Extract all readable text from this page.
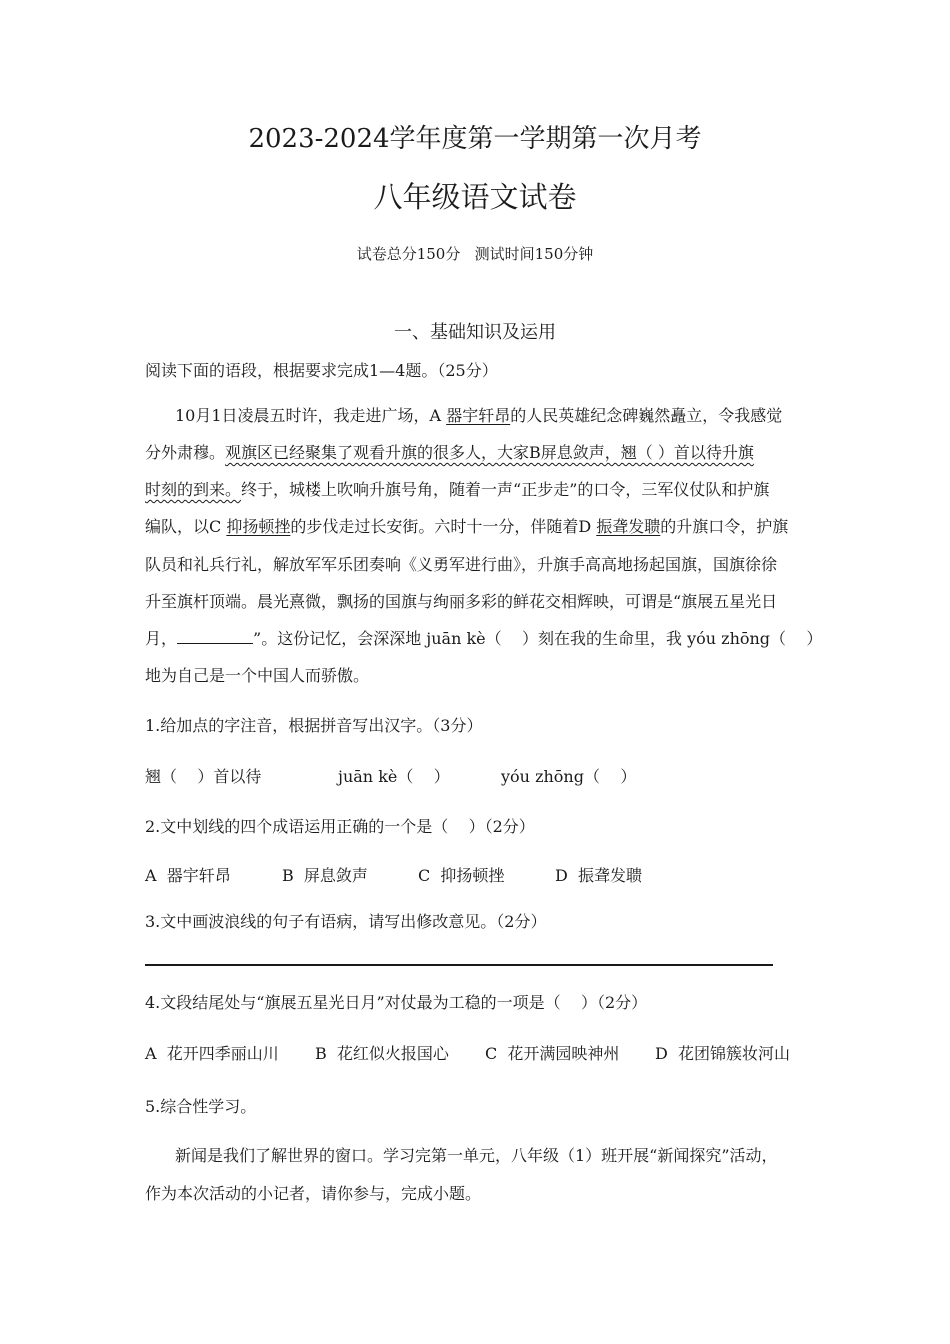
2023-2024学年度第一学期第一次月考
八年级语文试卷
试卷总分150分   测试时间150分钟
一、基础知识及运用
阅读下面的语段，根据要求完成1—4题。（25分）
10月1日凌晨五时许，我走进广场，A 器宇轩昂的人民英雄纪念碑巍然矗立，令我感觉
分外肃穆。观旗区已经聚集了观看升旗的很多人，大家B屏息敛声，翘（ ）首以待升旗
时刻的到来。终于，城楼上吹响升旗号角，随着一声“正步走”的口令，三军仪仗队和护旗
编队，以C 抑扬顿挫的步伐走过长安街。六时十一分，伴随着D 振聋发聩的升旗口令，护旗
队员和礼兵行礼，解放军军乐团奏响《义勇军进行曲》，升旗手高高地扬起国旗，国旗徐徐
升至旗杆顶端。晨光熹微，飘扬的国旗与绚丽多彩的鲜花交相辉映，可谓是“旗展五星光日
月，	”。这份记忆，会深深地 juān kè（    ）刻在我的生命里，我 yóu zhōng（    ）
地为自己是一个中国人而骄傲。
1.给加点的字注音，根据拼音写出汉字。（3分）
翘（    ）首以待	juān kè（    ）	yóu zhōng（    ）
2.文中划线的四个成语运用正确的一个是（    ）（2分）
A  器宇轩昂	B  屏息敛声	C  抑扬顿挫	D  振聋发聩
3.文中画波浪线的句子有语病，请写出修改意见。（2分）
4.文段结尾处与“旗展五星光日月”对仗最为工稳的一项是（    ）（2分）
A  花开四季丽山川 B  花红似火报国心 C  花开满园映神州 D  花团锦簇妆河山
5.综合性学习。
新闻是我们了解世界的窗口。学习完第一单元，八年级（1）班开展“新闻探究”活动，
作为本次活动的小记者，请你参与，完成小题。
